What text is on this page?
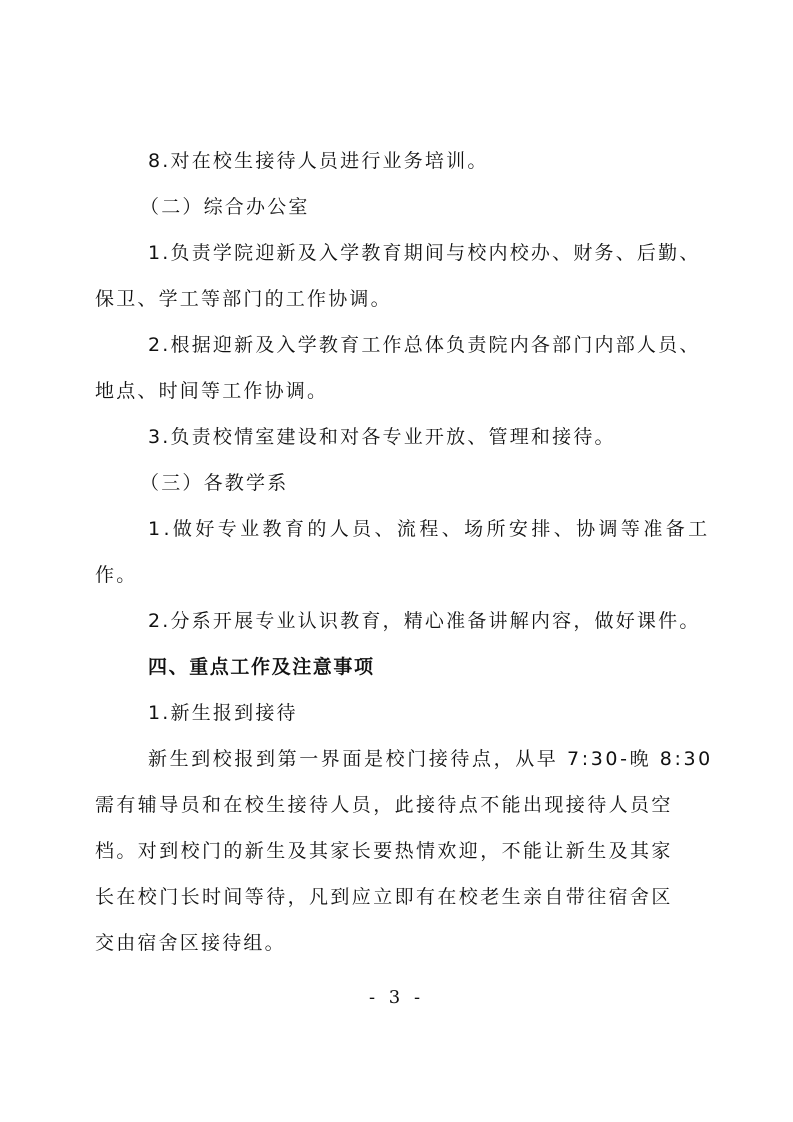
8.对在校生接待人员进行业务培训。
（二）综合办公室
1.负责学院迎新及入学教育期间与校内校办、财务、后勤、
保卫、学工等部门的工作协调。
2.根据迎新及入学教育工作总体负责院内各部门内部人员、
地点、时间等工作协调。
3.负责校情室建设和对各专业开放、管理和接待。
（三）各教学系
1.做好专业教育的人员、流程、场所安排、协调等准备工
作。
2.分系开展专业认识教育，精心准备讲解内容，做好课件。
四、重点工作及注意事项
1.新生报到接待
新生到校报到第一界面是校门接待点，从早 7:30-晚 8:30
需有辅导员和在校生接待人员，此接待点不能出现接待人员空
档。对到校门的新生及其家长要热情欢迎，不能让新生及其家
长在校门长时间等待，凡到应立即有在校老生亲自带往宿舍区
交由宿舍区接待组。
- 3 -
